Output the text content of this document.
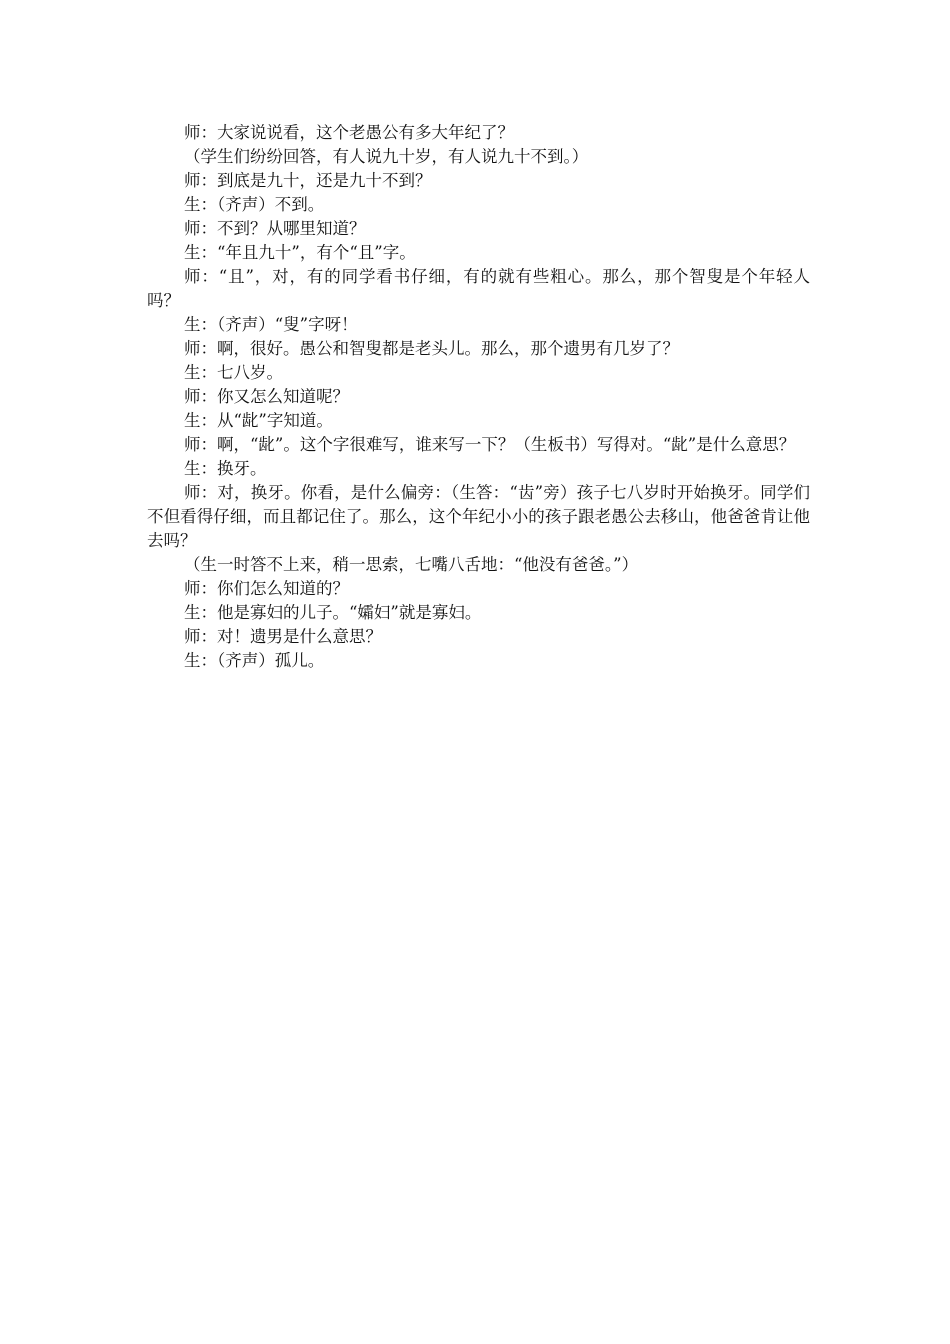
师：大家说说看，这个老愚公有多大年纪了？

（学生们纷纷回答，有人说九十岁，有人说九十不到。）

师：到底是九十，还是九十不到？

生：（齐声）不到。

师：不到？从哪里知道？

生：“年且九十”，有个“且”字。

师：“且”，对，有的同学看书仔细，有的就有些粗心。那么，那个智叟是个年轻人吗？

生：（齐声）“叟”字呀！

师：啊，很好。愚公和智叟都是老头儿。那么，那个遗男有几岁了？

生：七八岁。

师：你又怎么知道呢？

生：从“龀”字知道。

师：啊，“龀”。这个字很难写，谁来写一下？（生板书）写得对。“龀”是什么意思？

生：换牙。

师：对，换牙。你看，是什么偏旁：（生答：“齿”旁）孩子七八岁时开始换牙。同学们不但看得仔细，而且都记住了。那么，这个年纪小小的孩子跟老愚公去移山，他爸爸肯让他去吗？

（生一时答不上来，稍一思索，七嘴八舌地：“他没有爸爸。”）

师：你们怎么知道的？

生：他是寡妇的儿子。“孀妇”就是寡妇。

师：对！遗男是什么意思？

生：（齐声）孤儿。
